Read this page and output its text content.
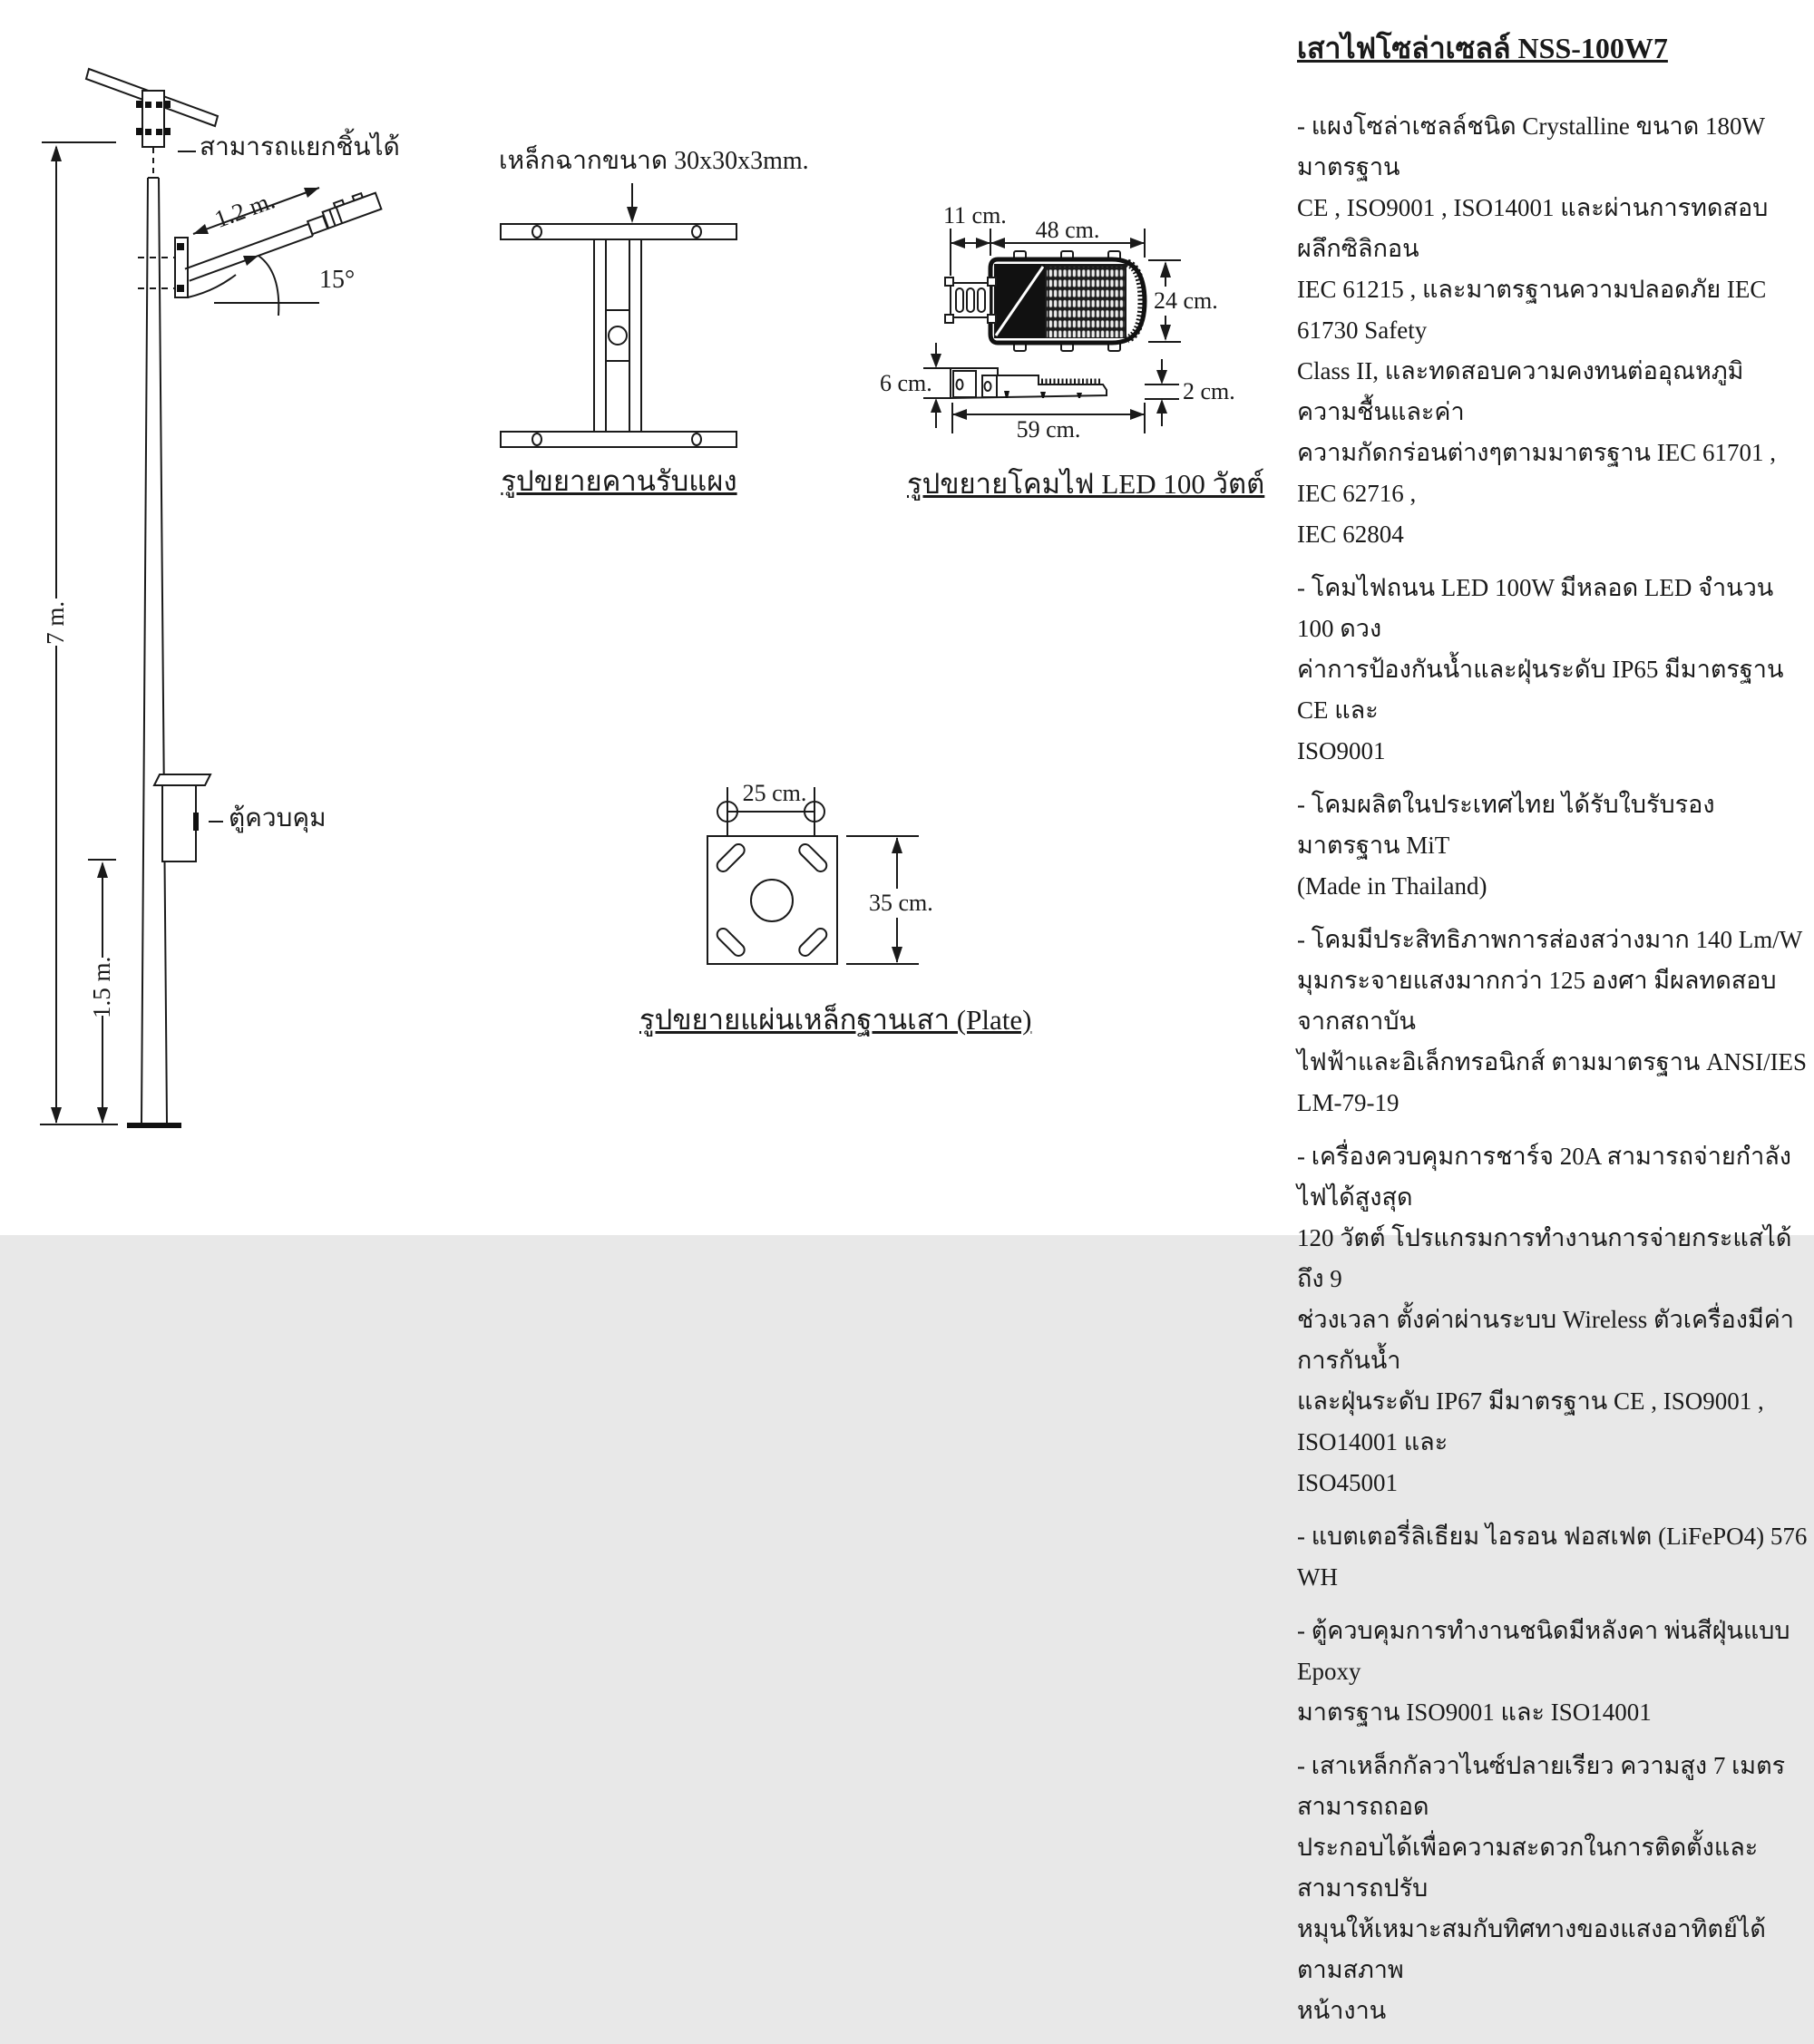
สามารถแยกชิ้นได้
1.2 m.
15°
7 m.
1.5 m.
ตู้ควบคุม
เหล็กฉากขนาด 30x30x3mm.
รูปขยายคานรับแผง
11 cm.
48 cm.
24 cm.
6 cm.	2 cm.
59 cm.
รูปขยายโคมไฟ LED 100 วัตต์
25 cm.
35 cm.
รูปขยายแผ่นเหล็กฐานเสา (Plate)
เสาไฟโซล่าเซลล์ NSS-100W7

- แผงโซล่าเซลล์ชนิด Crystalline ขนาด 180W มาตรฐาน
CE , ISO9001 , ISO14001 และผ่านการทดสอบผลึกซิลิกอน
IEC 61215 , และมาตรฐานความปลอดภัย IEC 61730 Safety
Class II, และทดสอบความคงทนต่ออุณหภูมิ ความชื้นและค่า
ความกัดกร่อนต่างๆตามมาตรฐาน IEC 61701 , IEC 62716 ,
IEC 62804

- โคมไฟถนน LED 100W มีหลอด LED จำนวน 100 ดวง
ค่าการป้องกันน้ำและฝุ่นระดับ IP65 มีมาตรฐาน CE และ
ISO9001

- โคมผลิตในประเทศไทย ได้รับใบรับรองมาตรฐาน MiT
(Made in Thailand)

- โคมมีประสิทธิภาพการส่องสว่างมาก 140 Lm/W
มุมกระจายแสงมากกว่า 125 องศา มีผลทดสอบจากสถาบัน
ไฟฟ้าและอิเล็กทรอนิกส์ ตามมาตรฐาน ANSI/IES LM-79-19

- เครื่องควบคุมการชาร์จ 20A สามารถจ่ายกำลังไฟได้สูงสุด
120 วัตต์ โปรแกรมการทำงานการจ่ายกระแสได้ถึง 9
ช่วงเวลา ตั้งค่าผ่านระบบ Wireless ตัวเครื่องมีค่าการกันน้ำ
และฝุ่นระดับ IP67 มีมาตรฐาน CE , ISO9001 , ISO14001 และ
ISO45001

- แบตเตอรี่ลิเธียม ไอรอน ฟอสเฟต (LiFePO4) 576 WH

- ตู้ควบคุมการทำงานชนิดมีหลังคา พ่นสีฝุ่นแบบ Epoxy
มาตรฐาน ISO9001 และ ISO14001

- เสาเหล็กกัลวาไนซ์ปลายเรียว ความสูง 7 เมตร สามารถถอด
ประกอบได้เพื่อความสะดวกในการติดตั้งและสามารถปรับ
หมุนให้เหมาะสมกับทิศทางของแสงอาทิตย์ได้ตามสภาพ
หน้างาน
